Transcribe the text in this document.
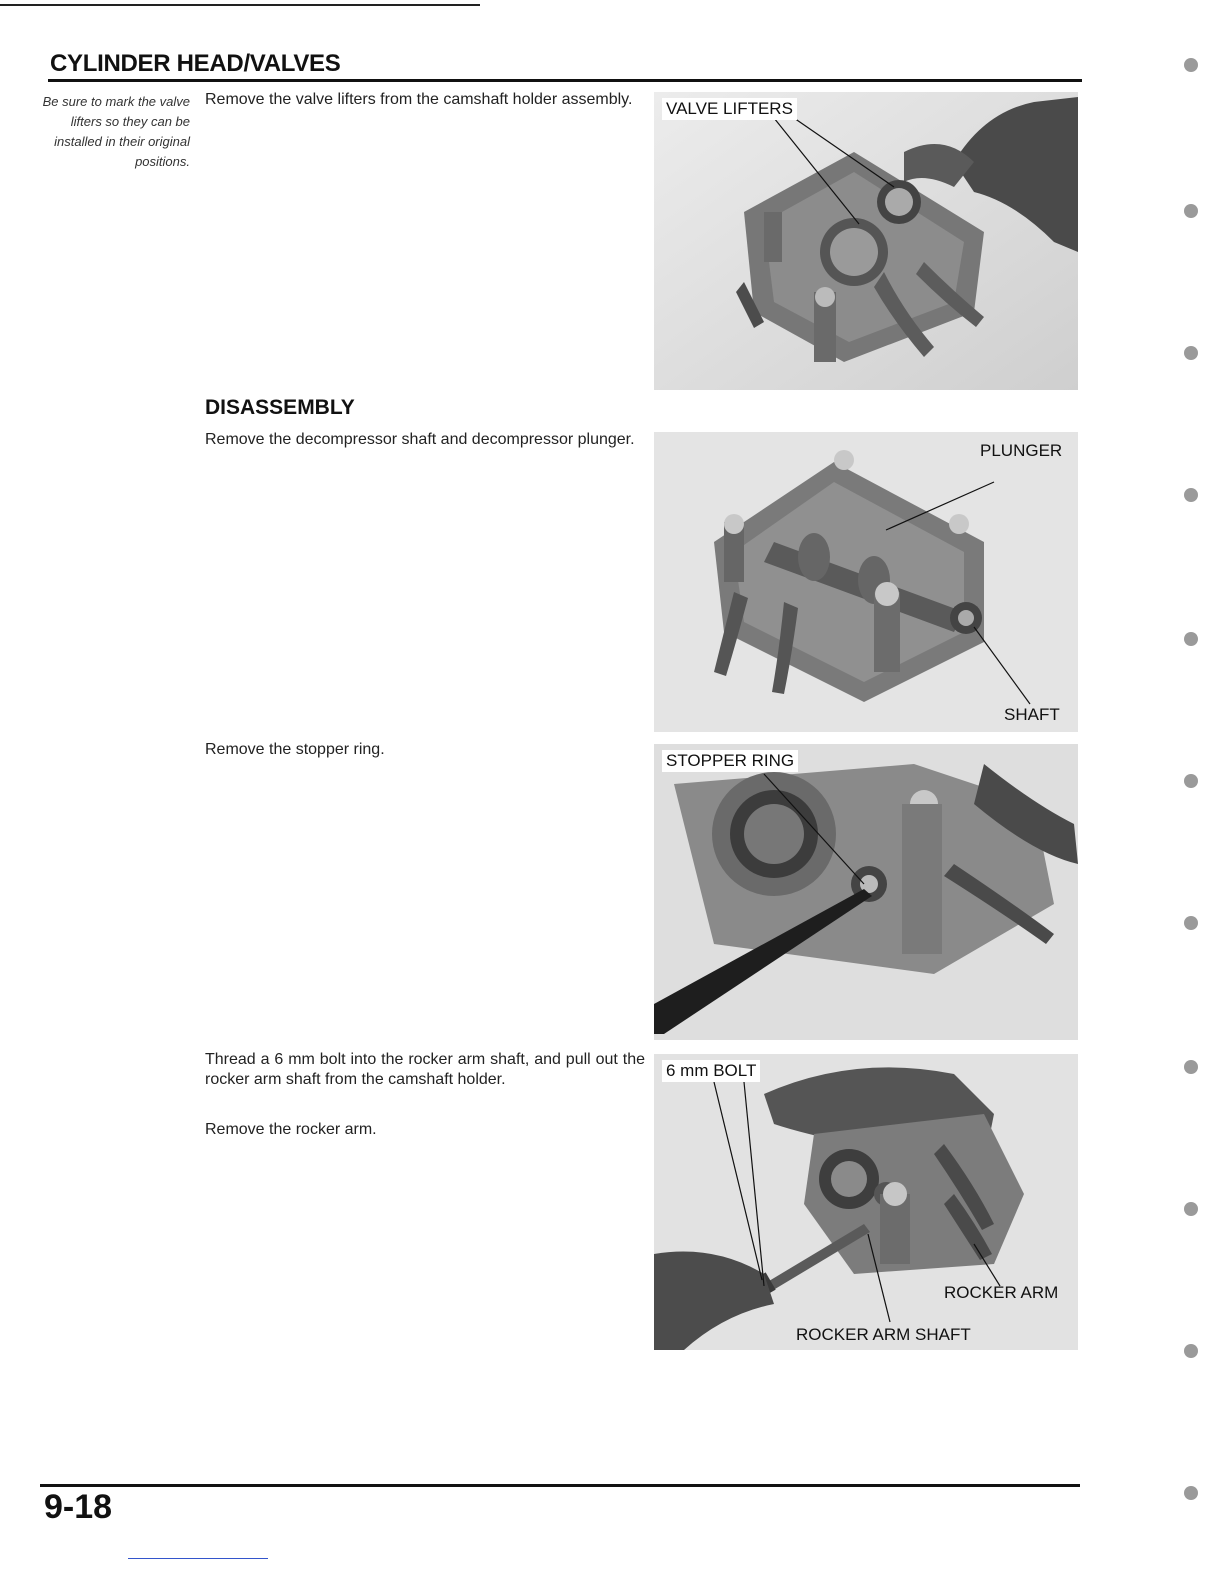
CYLINDER HEAD/VALVES
Be sure to mark the valve lifters so they can be installed in their original positions.
Remove the valve lifters from the camshaft holder assembly.	VALVE LIFTERS
DISASSEMBLY
Remove the decompressor shaft and decompressor plunger.
PLUNGER
SHAFT
Remove the stopper ring.
STOPPER RING
Thread a 6 mm bolt into the rocker arm shaft, and pull out the rocker arm shaft from the camshaft holder.
Remove the rocker arm.
6 mm BOLT
ROCKER ARM
ROCKER ARM SHAFT
9-18
